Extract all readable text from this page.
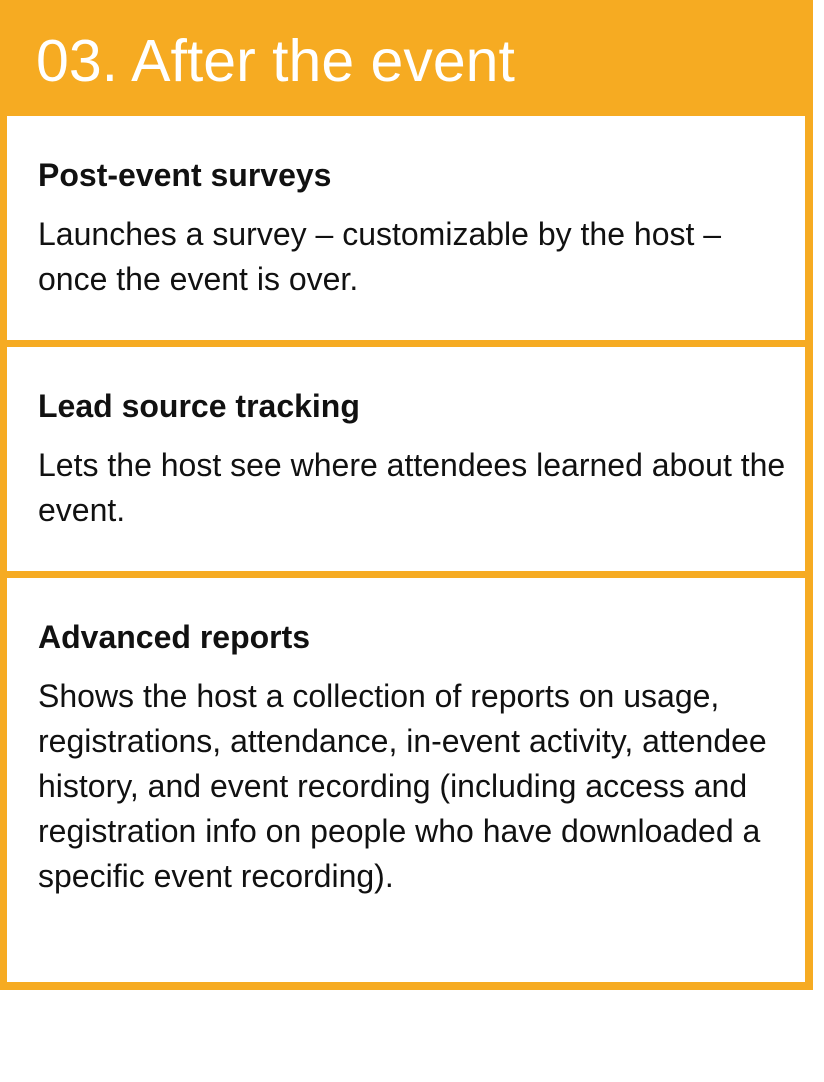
03. After the event
Post-event surveys

Launches a survey – customizable by the host – once the event is over.

Lead source tracking

Lets the host see where attendees learned about the event.

Advanced reports

Shows the host a collection of reports on usage, registrations, attendance, in-event activity, attendee history, and event recording (including access and registration info on people who have downloaded a specific event recording).
